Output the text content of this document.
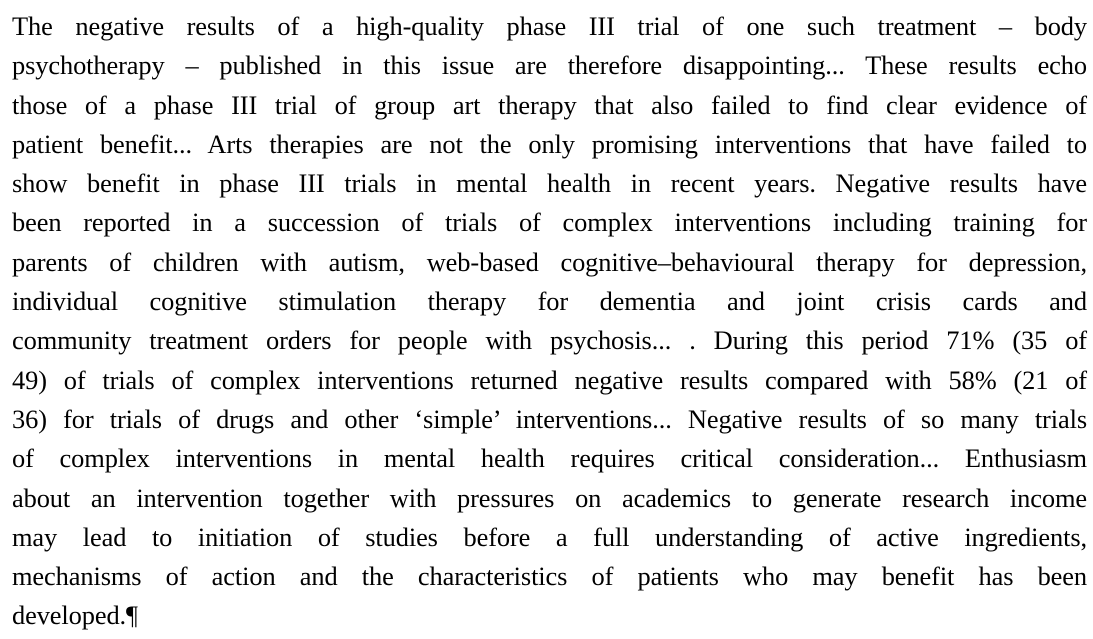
The negative results of a high-quality phase III trial of one such treatment – body
psychotherapy – published in this issue are therefore disappointing... These results echo
those of a phase III trial of group art therapy that also failed to find clear evidence of
patient benefit... Arts therapies are not the only promising interventions that have failed to
show benefit in phase III trials in mental health in recent years. Negative results have
been reported in a succession of trials of complex interventions including training for
parents of children with autism, web-based cognitive–behavioural therapy for depression,
individual cognitive stimulation therapy for dementia and joint crisis cards and
community treatment orders for people with psychosis... . During this period 71% (35 of
49) of trials of complex interventions returned negative results compared with 58% (21 of
36) for trials of drugs and other ‘simple’ interventions... Negative results of so many trials
of complex interventions in mental health requires critical consideration... Enthusiasm
about an intervention together with pressures on academics to generate research income
may lead to initiation of studies before a full understanding of active ingredients,
mechanisms of action and the characteristics of patients who may benefit has been
developed.¶
